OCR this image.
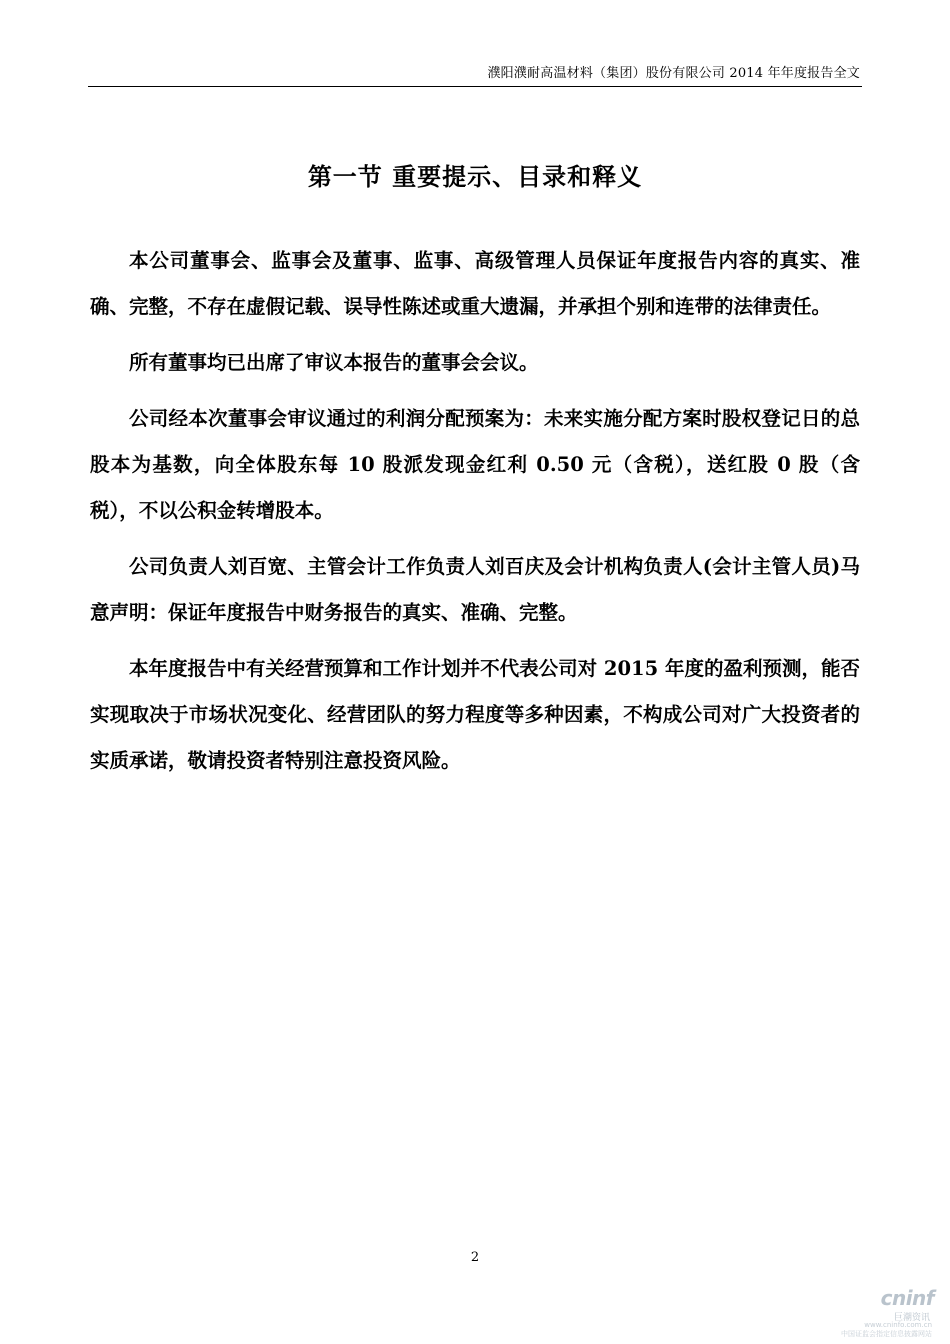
濮阳濮耐高温材料（集团）股份有限公司 2014 年年度报告全文
第一节 重要提示、目录和释义

本公司董事会、监事会及董事、监事、高级管理人员保证年度报告内容的真实、准确、完整，不存在虚假记载、误导性陈述或重大遗漏，并承担个别和连带的法律责任。

所有董事均已出席了审议本报告的董事会会议。

公司经本次董事会审议通过的利润分配预案为：未来实施分配方案时股权登记日的总股本为基数，向全体股东每 10 股派发现金红利 0.50 元（含税），送红股 0 股（含税），不以公积金转增股本。

公司负责人刘百宽、主管会计工作负责人刘百庆及会计机构负责人(会计主管人员)马意声明：保证年度报告中财务报告的真实、准确、完整。

本年度报告中有关经营预算和工作计划并不代表公司对 2015 年度的盈利预测，能否实现取决于市场状况变化、经营团队的努力程度等多种因素，不构成公司对广大投资者的实质承诺，敬请投资者特别注意投资风险。

2
cninf
巨潮资讯
www.cninfo.com.cn
中国证监会指定信息披露网站
